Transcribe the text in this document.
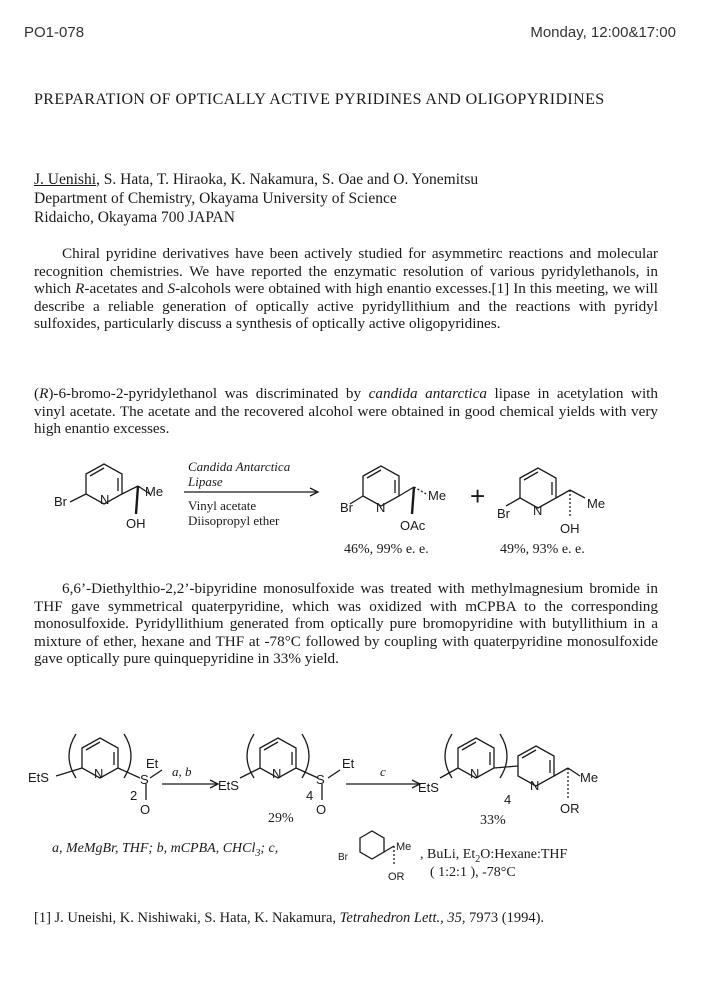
PO1-078	Monday, 12:00&17:00
PREPARATION OF OPTICALLY ACTIVE PYRIDINES AND OLIGOPYRIDINES
J. Uenishi, S. Hata, T. Hiraoka, K. Nakamura, S. Oae and O. Yonemitsu
Department of Chemistry, Okayama University of Science
Ridaicho, Okayama 700 JAPAN

Chiral pyridine derivatives have been actively studied for asymmetirc reactions and molecular recognition chemistries. We have reported the enzymatic resolution of various pyridylethanols, in which R-acetates and S-alcohols were obtained with high enantio excesses.[1] In this meeting, we will describe a reliable generation of optically active pyridyllithium and the reactions with pyridyl sulfoxides, particularly discuss a synthesis of optically active oligopyridines.

(R)-6-bromo-2-pyridylethanol was discriminated by candida antarctica lipase in acetylation with vinyl acetate. The acetate and the recovered alcohol were obtained in good chemical yields with very high enantio excesses.

Br	N
Me
OH
Candida Antarctica
Lipase
Vinyl acetate
Diisopropyl ether
Br N
Me
OAc
+
Br N	Me
OH
46%, 99% e. e.	49%, 93% e. e.

6,6’-Diethylthio-2,2’-bipyridine monosulfoxide was treated with methylmagnesium bromide in THF gave symmetrical quaterpyridine, which was oxidized with mCPBA to the corresponding monosulfoxide. Pyridyllithium generated from optically pure bromopyridine with butyllithium in a mixture of ether, hexane and THF at -78°C followed by coupling with quaterpyridine monosulfoxide gave optically pure quinquepyridine in 33% yield.

EtS	N
2
S
Et
O
a, b
EtS
N
4
S
Et
O
29%
c
EtS
N
4
N
Me
OR
33%
a, MeMgBr, THF; b, mCPBA, CHCl$_3$; c,
Br
Me
OR
, BuLi, $Et_2O:Hexane:THF$
( 1:2:1 ), -78°C
[1] J. Uneishi, K. Nishiwaki, S. Hata, K. Nakamura, Tetrahedron Lett., 35, 7973 (1994).
